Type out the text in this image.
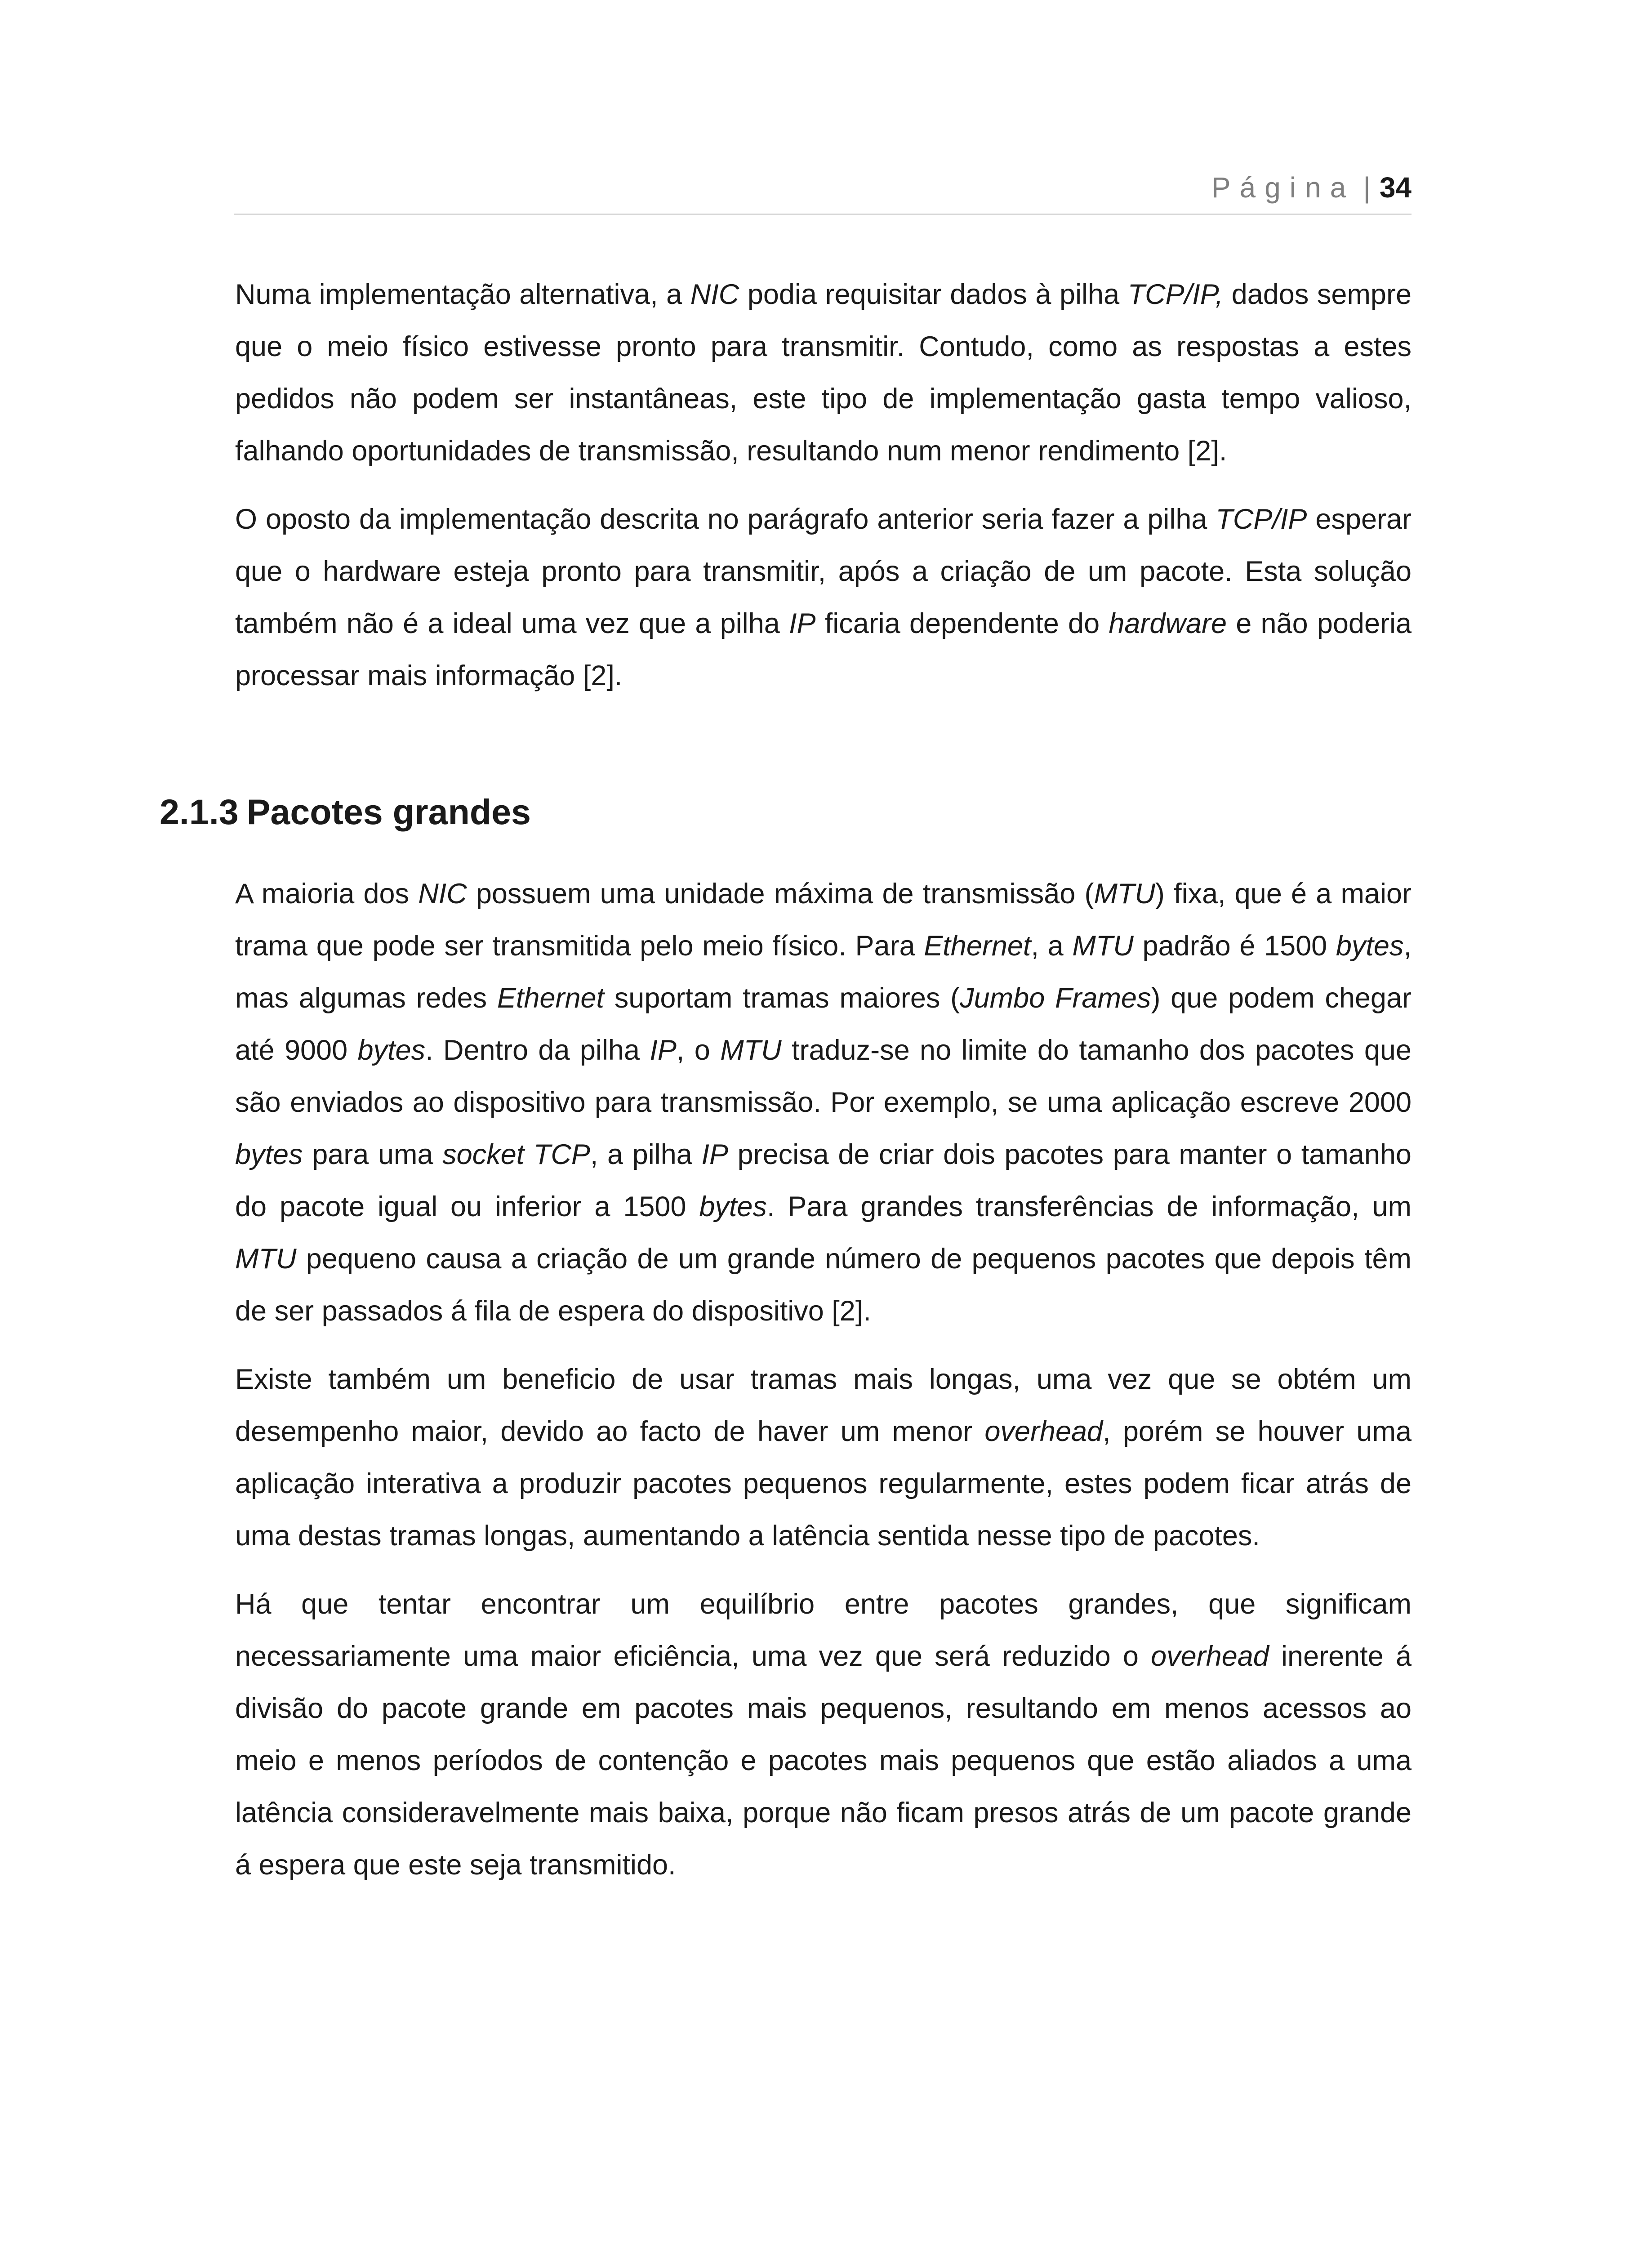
Página | 34

Numa implementação alternativa, a NIC podia requisitar dados à pilha TCP/IP, dados sempre que o meio físico estivesse pronto para transmitir. Contudo, como as respostas a estes pedidos não podem ser instantâneas, este tipo de implementação gasta tempo valioso, falhando oportunidades de transmissão, resultando num menor rendimento [2].

O oposto da implementação descrita no parágrafo anterior seria fazer a pilha TCP/IP esperar que o hardware esteja pronto para transmitir, após a criação de um pacote. Esta solução também não é a ideal uma vez que a pilha IP ficaria dependente do hardware e não poderia processar mais informação [2].

2.1.3 Pacotes grandes

A maioria dos NIC possuem uma unidade máxima de transmissão (MTU) fixa, que é a maior trama que pode ser transmitida pelo meio físico. Para Ethernet, a MTU padrão é 1500 bytes, mas algumas redes Ethernet suportam tramas maiores (Jumbo Frames) que podem chegar até 9000 bytes. Dentro da pilha IP, o MTU traduz-se no limite do tamanho dos pacotes que são enviados ao dispositivo para transmissão. Por exemplo, se uma aplicação escreve 2000 bytes para uma socket TCP, a pilha IP precisa de criar dois pacotes para manter o tamanho do pacote igual ou inferior a 1500 bytes. Para grandes transferências de informação, um MTU pequeno causa a criação de um grande número de pequenos pacotes que depois têm de ser passados á fila de espera do dispositivo [2].

Existe também um beneficio de usar tramas mais longas, uma vez que se obtém um desempenho maior, devido ao facto de haver um menor overhead, porém se houver uma aplicação interativa a produzir pacotes pequenos regularmente, estes podem ficar atrás de uma destas tramas longas, aumentando a latência sentida nesse tipo de pacotes.

Há que tentar encontrar um equilíbrio entre pacotes grandes, que significam necessariamente uma maior eficiência, uma vez que será reduzido o overhead inerente á divisão do pacote grande em pacotes mais pequenos, resultando em menos acessos ao meio e menos períodos de contenção e pacotes mais pequenos que estão aliados a uma latência consideravelmente mais baixa, porque não ficam presos atrás de um pacote grande á espera que este seja transmitido.
